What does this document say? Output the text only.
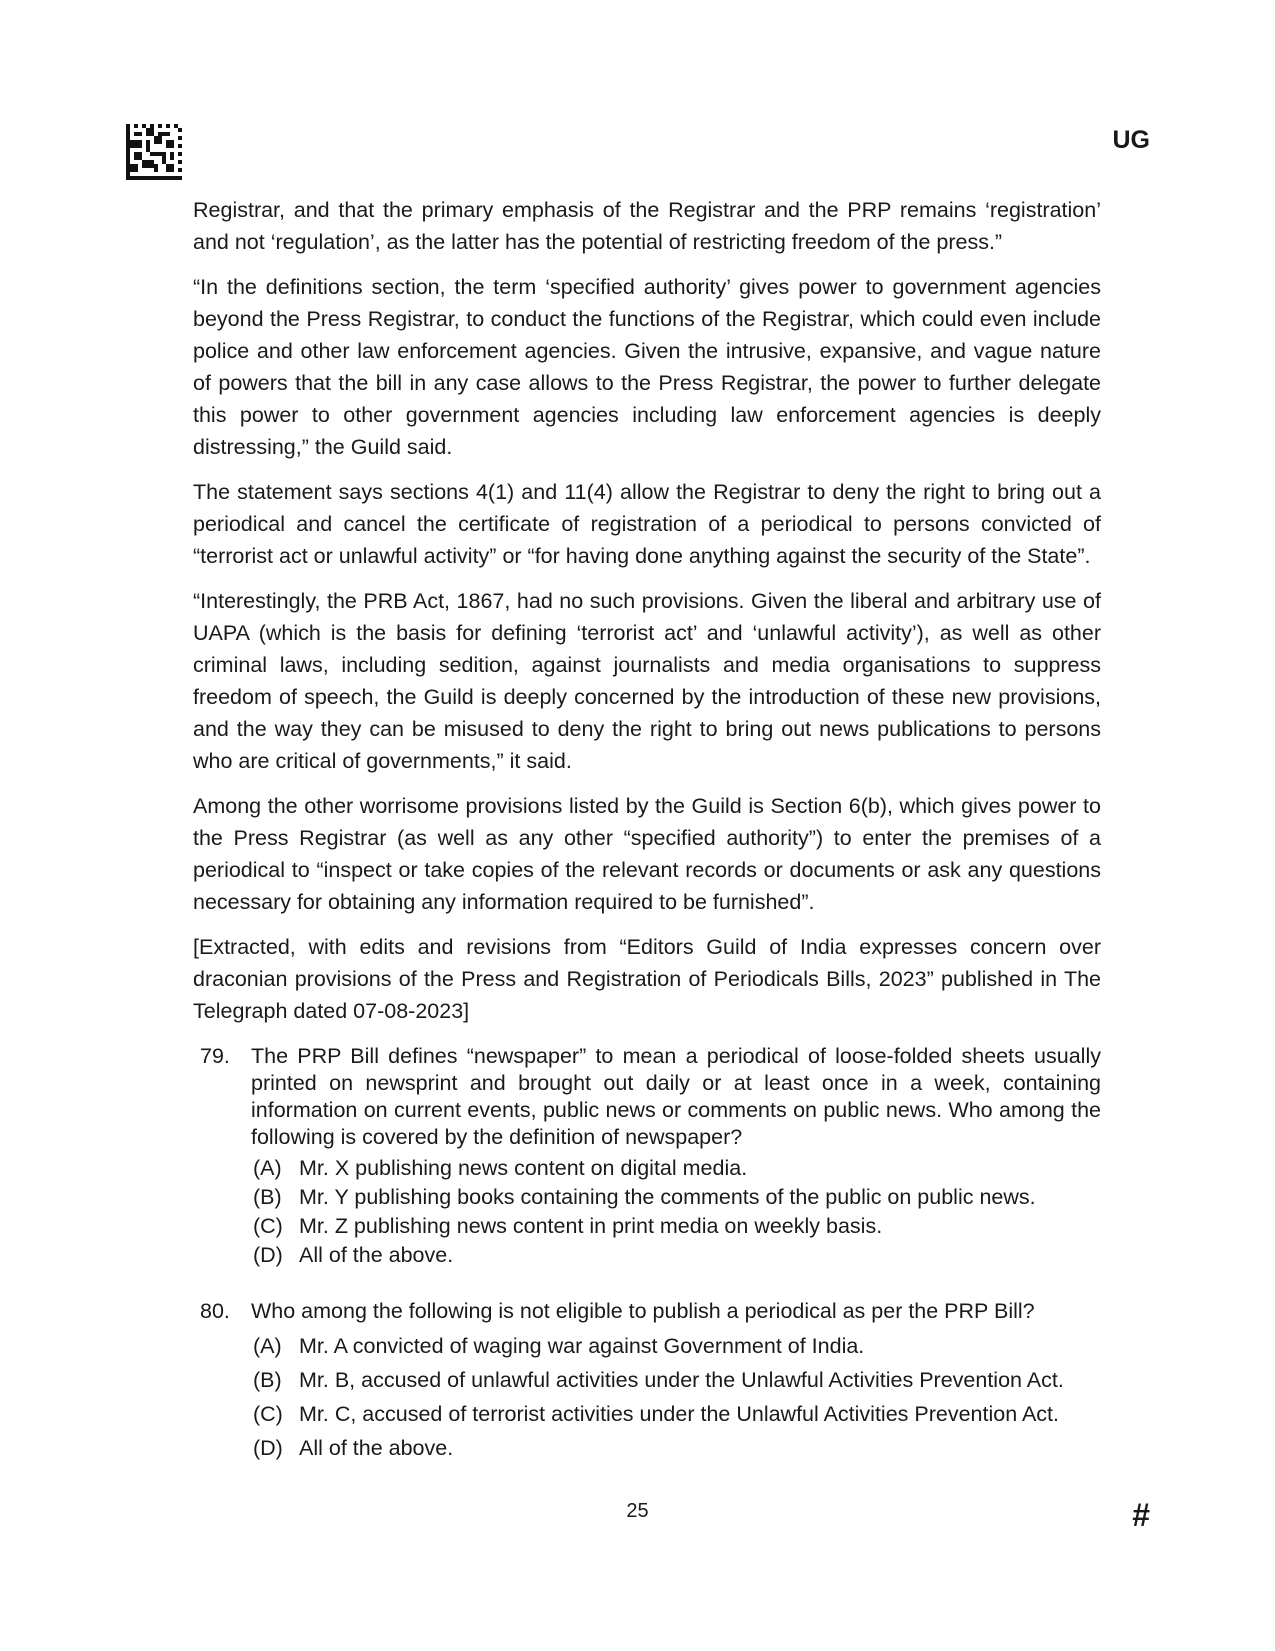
UG

Registrar, and that the primary emphasis of the Registrar and the PRP remains ‘registration’ and not ‘regulation’, as the latter has the potential of restricting freedom of the press.”

“In the definitions section, the term ‘specified authority’ gives power to government agencies beyond the Press Registrar, to conduct the functions of the Registrar, which could even include police and other law enforcement agencies. Given the intrusive, expansive, and vague nature of powers that the bill in any case allows to the Press Registrar, the power to further delegate this power to other government agencies including law enforcement agencies is deeply distressing,” the Guild said.

The statement says sections 4(1) and 11(4) allow the Registrar to deny the right to bring out a periodical and cancel the certificate of registration of a periodical to persons convicted of “terrorist act or unlawful activity” or “for having done anything against the security of the State”.

“Interestingly, the PRB Act, 1867, had no such provisions. Given the liberal and arbitrary use of UAPA (which is the basis for defining ‘terrorist act’ and ‘unlawful activity’), as well as other criminal laws, including sedition, against journalists and media organisations to suppress freedom of speech, the Guild is deeply concerned by the introduction of these new provisions, and the way they can be misused to deny the right to bring out news publications to persons who are critical of governments,” it said.

Among the other worrisome provisions listed by the Guild is Section 6(b), which gives power to the Press Registrar (as well as any other “specified authority”) to enter the premises of a periodical to “inspect or take copies of the relevant records or documents or ask any questions necessary for obtaining any information required to be furnished”.

[Extracted, with edits and revisions from “Editors Guild of India expresses concern over draconian provisions of the Press and Registration of Periodicals Bills, 2023” published in The Telegraph dated 07-08-2023]

79. The PRP Bill defines “newspaper” to mean a periodical of loose-folded sheets usually printed on newsprint and brought out daily or at least once in a week, containing information on current events, public news or comments on public news. Who among the following is covered by the definition of newspaper?
(A) Mr. X publishing news content on digital media.
(B) Mr. Y publishing books containing the comments of the public on public news.
(C) Mr. Z publishing news content in print media on weekly basis.
(D) All of the above.
80. Who among the following is not eligible to publish a periodical as per the PRP Bill?
(A) Mr. A convicted of waging war against Government of India.
(B) Mr. B, accused of unlawful activities under the Unlawful Activities Prevention Act.
(C) Mr. C, accused of terrorist activities under the Unlawful Activities Prevention Act.
(D) All of the above.
25	#
